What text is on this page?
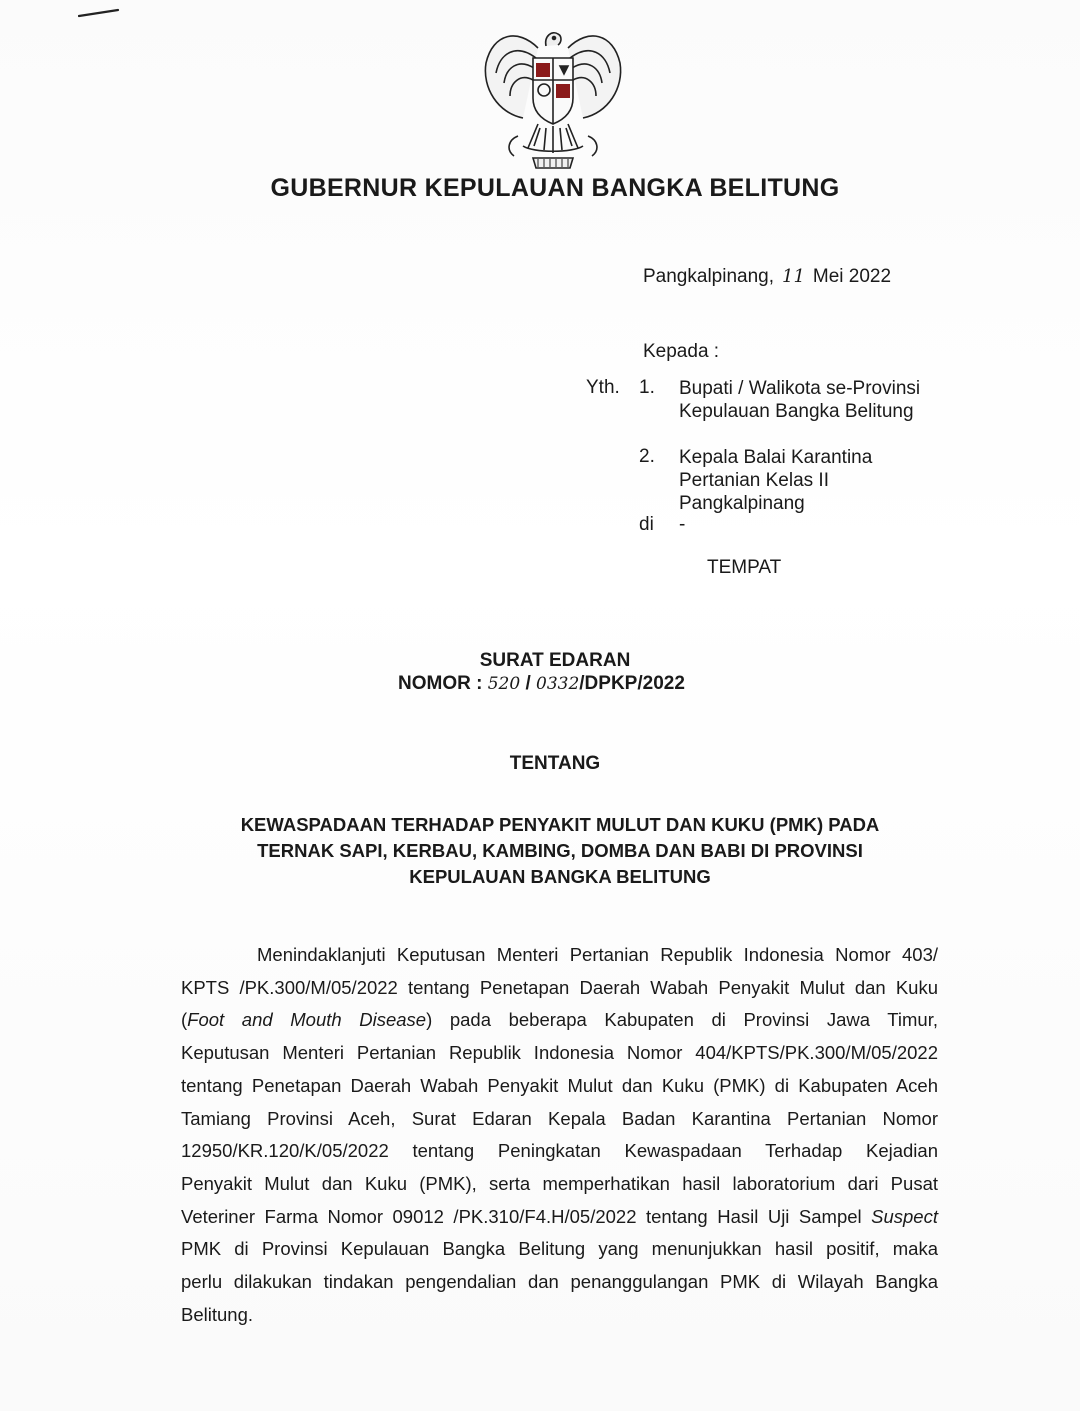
GUBERNUR KEPULAUAN BANGKA BELITUNG
Pangkalpinang, 11 Mei 2022
Kepada :
Yth. 1. Bupati / Walikota se-Provinsi
Kepulauan Bangka Belitung
2. Kepala Balai Karantina
Pertanian Kelas II
Pangkalpinang
di -
TEMPAT
SURAT EDARAN
NOMOR : 520 / 0332/DPKP/2022
TENTANG
KEWASPADAAN TERHADAP PENYAKIT MULUT DAN KUKU (PMK) PADA
TERNAK SAPI, KERBAU, KAMBING, DOMBA DAN BABI DI PROVINSI
KEPULAUAN BANGKA BELITUNG
Menindaklanjuti Keputusan Menteri Pertanian Republik Indonesia Nomor 403/
KPTS /PK.300/M/05/2022 tentang Penetapan Daerah Wabah Penyakit Mulut dan Kuku
(Foot and Mouth Disease) pada beberapa Kabupaten di Provinsi Jawa Timur,
Keputusan Menteri Pertanian Republik Indonesia Nomor 404/KPTS/PK.300/M/05/2022
tentang Penetapan Daerah Wabah Penyakit Mulut dan Kuku (PMK) di Kabupaten Aceh
Tamiang Provinsi Aceh, Surat Edaran Kepala Badan Karantina Pertanian Nomor
12950/KR.120/K/05/2022 tentang Peningkatan Kewaspadaan Terhadap Kejadian
Penyakit Mulut dan Kuku (PMK), serta memperhatikan hasil laboratorium dari Pusat
Veteriner Farma Nomor 09012 /PK.310/F4.H/05/2022 tentang Hasil Uji Sampel Suspect
PMK di Provinsi Kepulauan Bangka Belitung yang menunjukkan hasil positif, maka
perlu dilakukan tindakan pengendalian dan penanggulangan PMK di Wilayah Bangka
Belitung.
